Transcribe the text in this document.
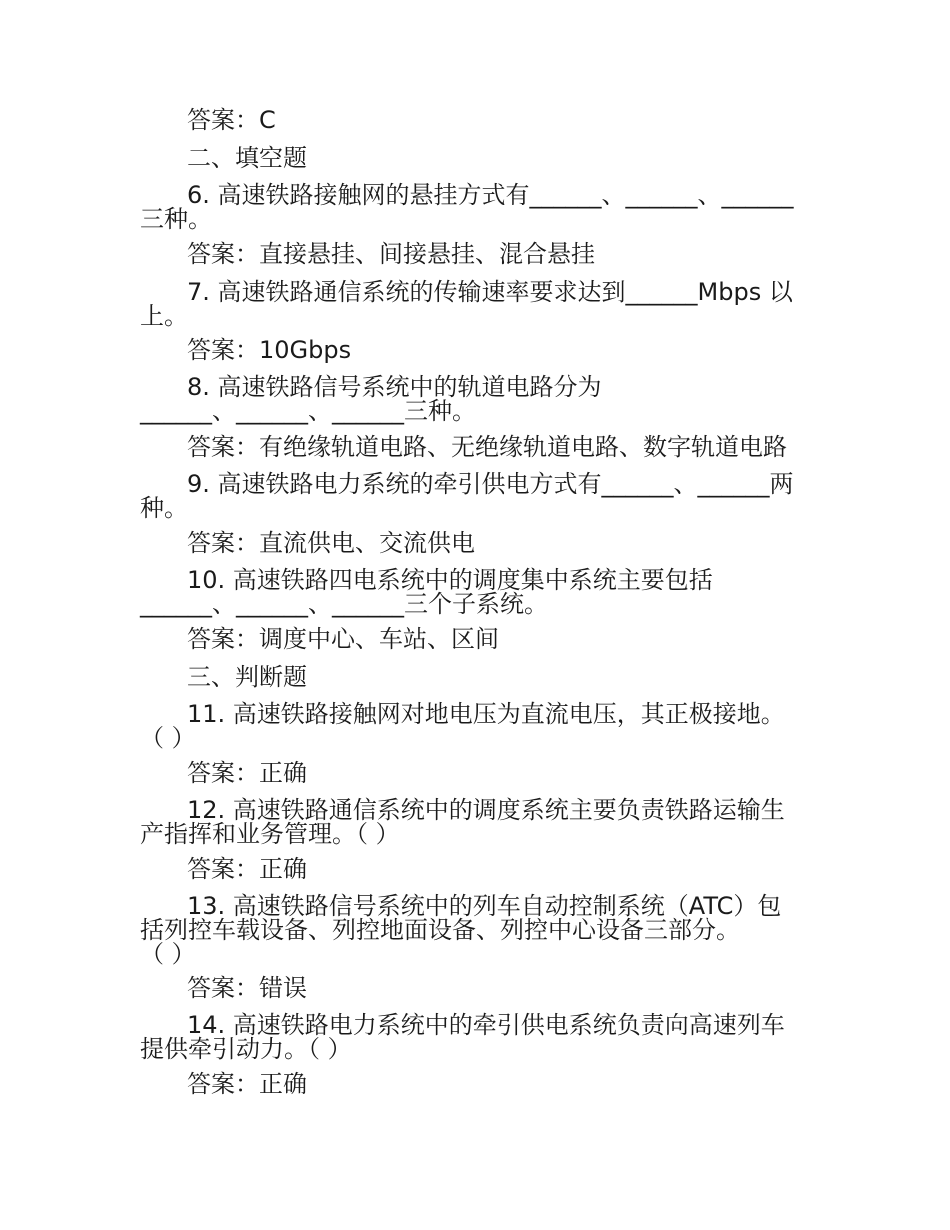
答案：C
二、填空题
6. 高速铁路接触网的悬挂方式有______、______、______
三种。
答案：直接悬挂、间接悬挂、混合悬挂
7. 高速铁路通信系统的传输速率要求达到______Mbps 以
上。
答案：10Gbps
8. 高速铁路信号系统中的轨道电路分为
______、______、______三种。
答案：有绝缘轨道电路、无绝缘轨道电路、数字轨道电路
9. 高速铁路电力系统的牵引供电方式有______、______两
种。
答案：直流供电、交流供电
10. 高速铁路四电系统中的调度集中系统主要包括
______、______、______三个子系统。
答案：调度中心、车站、区间
三、判断题
11. 高速铁路接触网对地电压为直流电压，其正极接地。
（ ）
答案：正确
12. 高速铁路通信系统中的调度系统主要负责铁路运输生
产指挥和业务管理。（ ）
答案：正确
13. 高速铁路信号系统中的列车自动控制系统（ATC）包
括列控车载设备、列控地面设备、列控中心设备三部分。
（ ）
答案：错误
14. 高速铁路电力系统中的牵引供电系统负责向高速列车
提供牵引动力。（ ）
答案：正确
